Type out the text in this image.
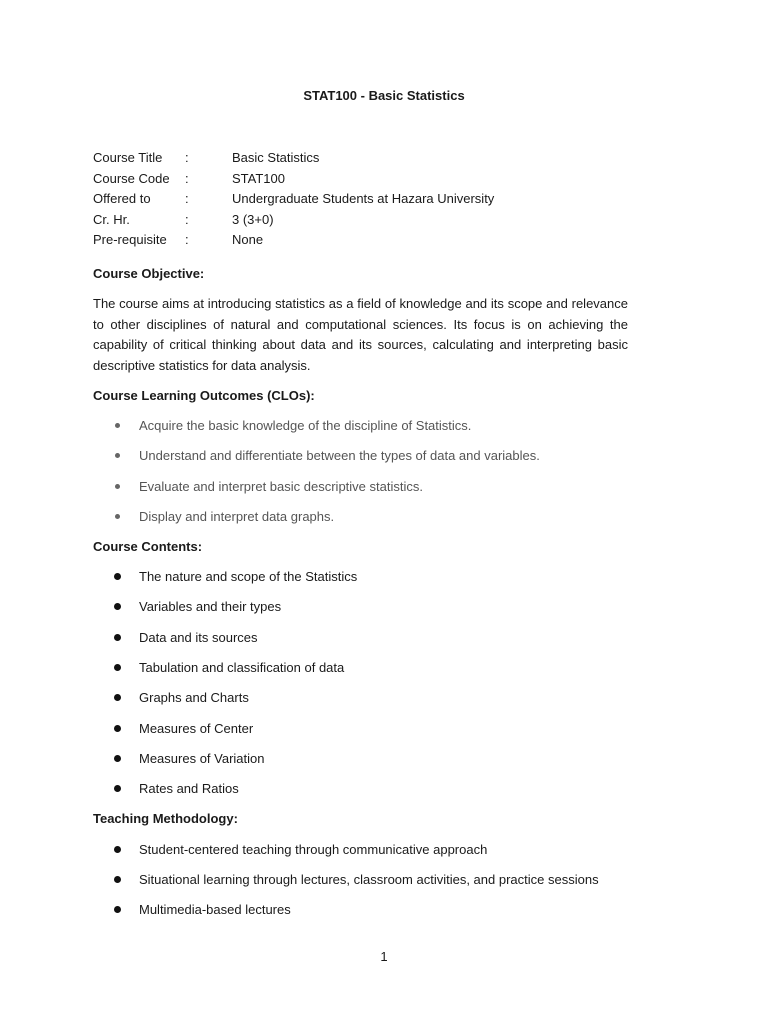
STAT100 - Basic Statistics
Course Title	:	Basic Statistics
Course Code	:	STAT100
Offered to	:	Undergraduate Students at Hazara University
Cr. Hr.	:	3 (3+0)
Pre-requisite	:	None
Course Objective:

The course aims at introducing statistics as a field of knowledge and its scope and relevance to other disciplines of natural and computational sciences. Its focus is on achieving the capability of critical thinking about data and its sources, calculating and interpreting basic descriptive statistics for data analysis.

Course Learning Outcomes (CLOs):
Acquire the basic knowledge of the discipline of Statistics.
Understand and differentiate between the types of data and variables.
Evaluate and interpret basic descriptive statistics.
Display and interpret data graphs.
Course Contents:
The nature and scope of the Statistics
Variables and their types
Data and its sources
Tabulation and classification of data
Graphs and Charts
Measures of Center
Measures of Variation
Rates and Ratios
Teaching Methodology:
Student-centered teaching through communicative approach
Situational learning through lectures, classroom activities, and practice sessions
Multimedia-based lectures
1
